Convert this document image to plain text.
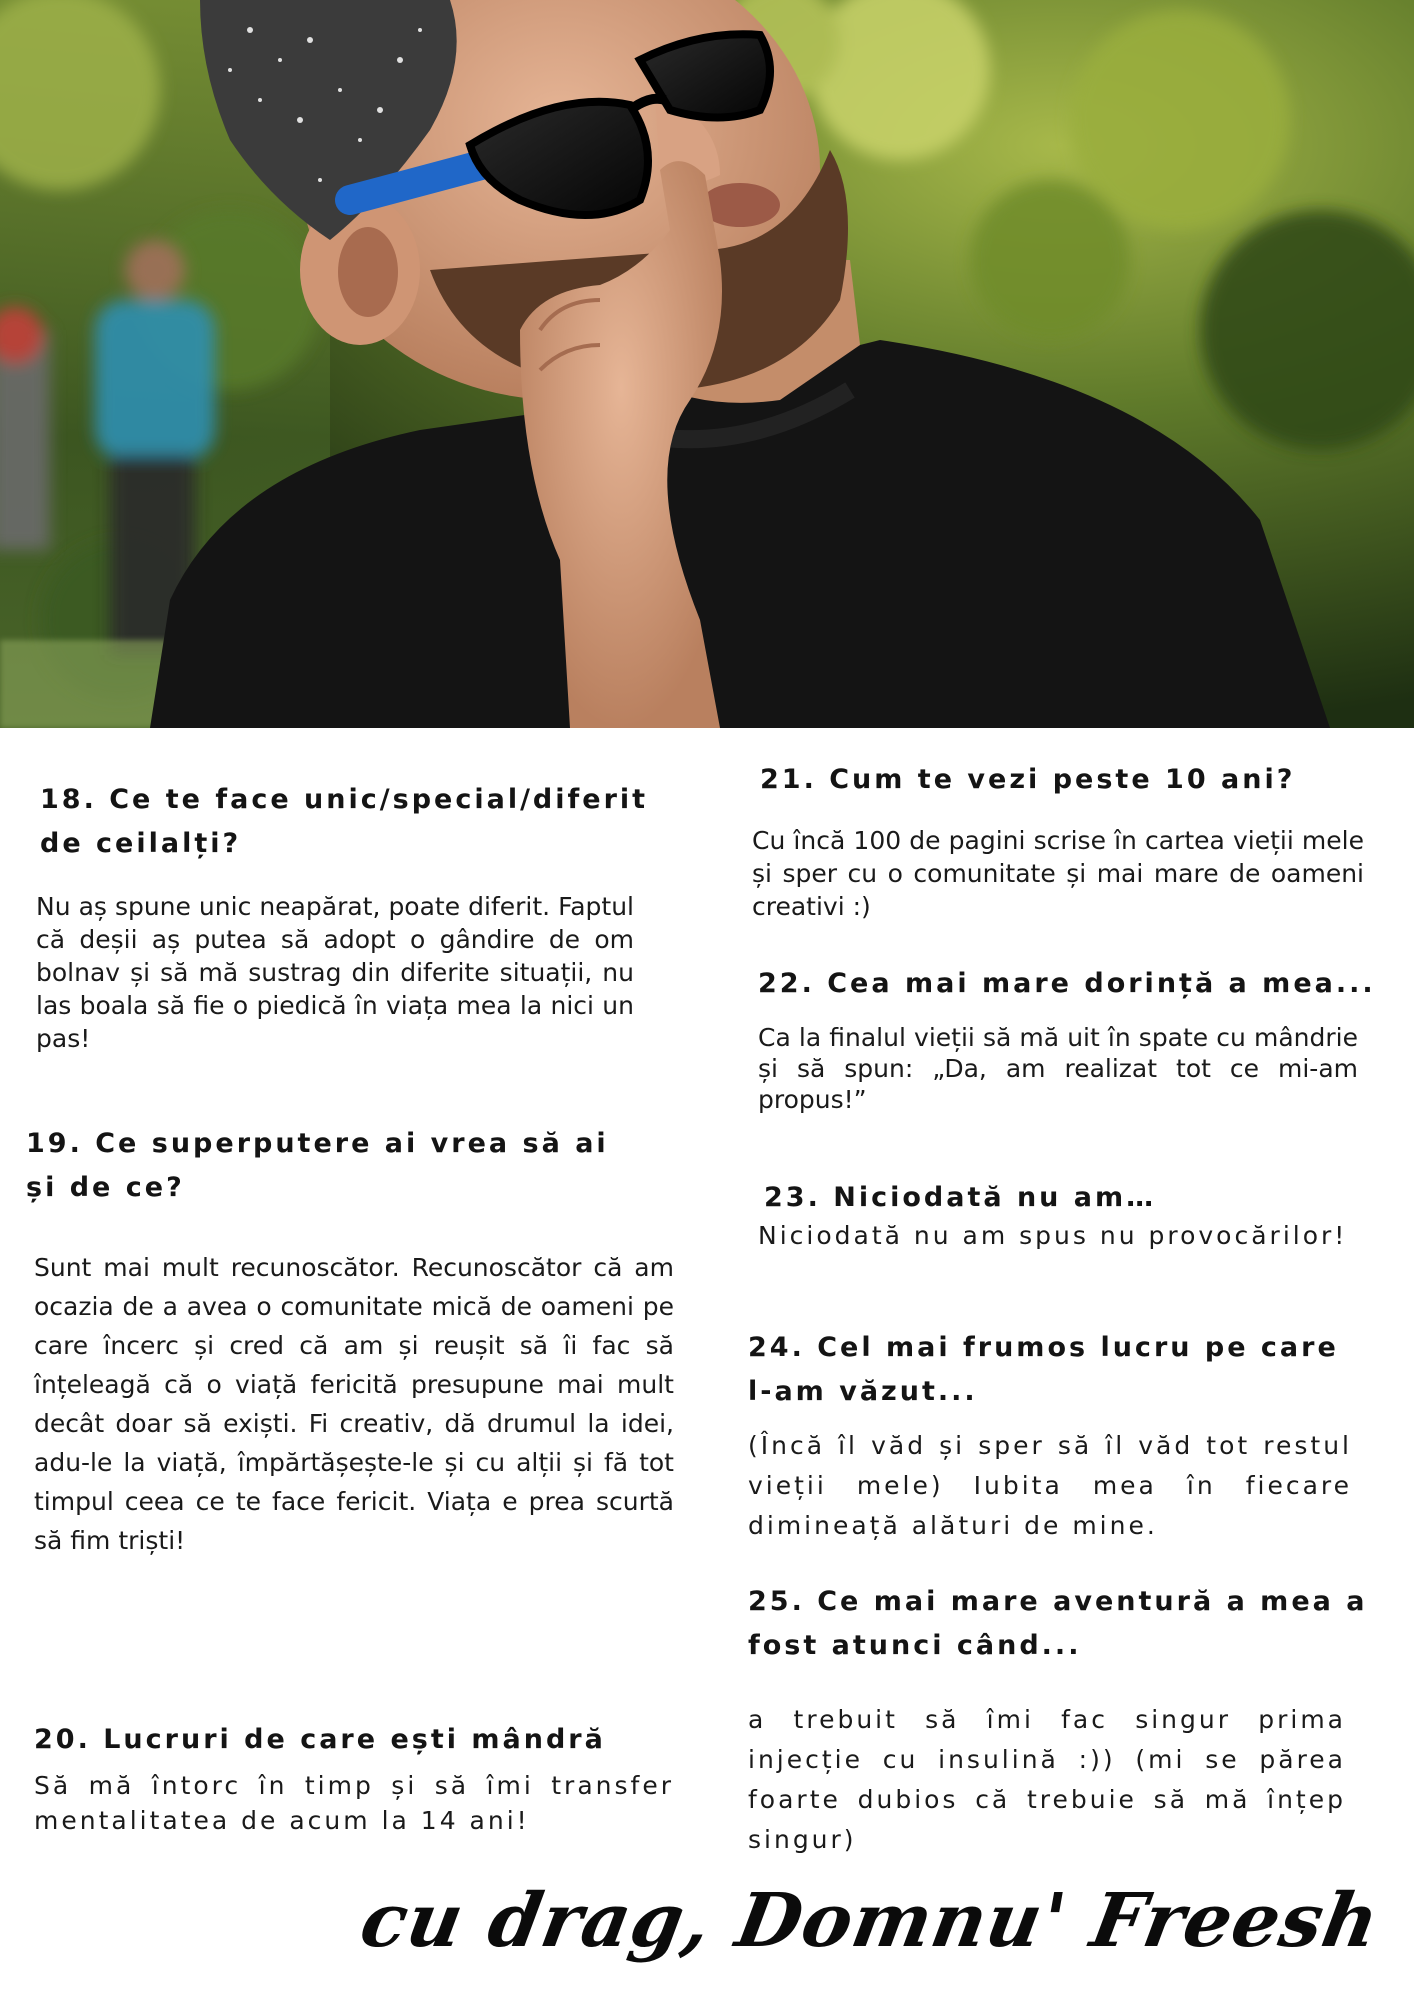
18. Ce te face unic/special/diferit de ceilalți?

Nu aș spune unic neapărat, poate diferit. Faptul că deșii aș putea să adopt o gândire de om bolnav și să mă sustrag din diferite situații, nu las boala să fie o piedică în viața mea la nici un pas!

19. Ce superputere ai vrea să ai și de ce?

Sunt mai mult recunoscător. Recunoscător că am ocazia de a avea o comunitate mică de oameni pe care încerc și cred că am și reușit să îi fac să înțeleagă că o viață fericită presupune mai mult decât doar să exiști. Fi creativ, dă drumul la idei, adu-le la viață, împărtășește-le și cu alții și fă tot timpul ceea ce te face fericit. Viața e prea scurtă să fim triști!

20. Lucruri de care ești mândră

Să mă întorc în timp și să îmi transfer mentalitatea de acum la 14 ani!

21. Cum te vezi peste 10 ani?

Cu încă 100 de pagini scrise în cartea vieții mele și sper cu o comunitate și mai mare de oameni creativi :)

22. Cea mai mare dorință a mea...

Ca la finalul vieții să mă uit în spate cu mândrie și să spun: „Da, am realizat tot ce mi-am propus!”

23. Niciodată nu am…

Niciodată nu am spus nu provocărilor!

24. Cel mai frumos lucru pe care l-am văzut...

(Încă îl văd și sper să îl văd tot restul vieții mele) Iubita mea în fiecare dimineață alături de mine.

25. Ce mai mare aventură a mea a fost atunci când...

a trebuit să îmi fac singur prima injecție cu insulină :)) (mi se părea foarte dubios că trebuie să mă înțep singur)

cu drag, Domnu' Freesh
